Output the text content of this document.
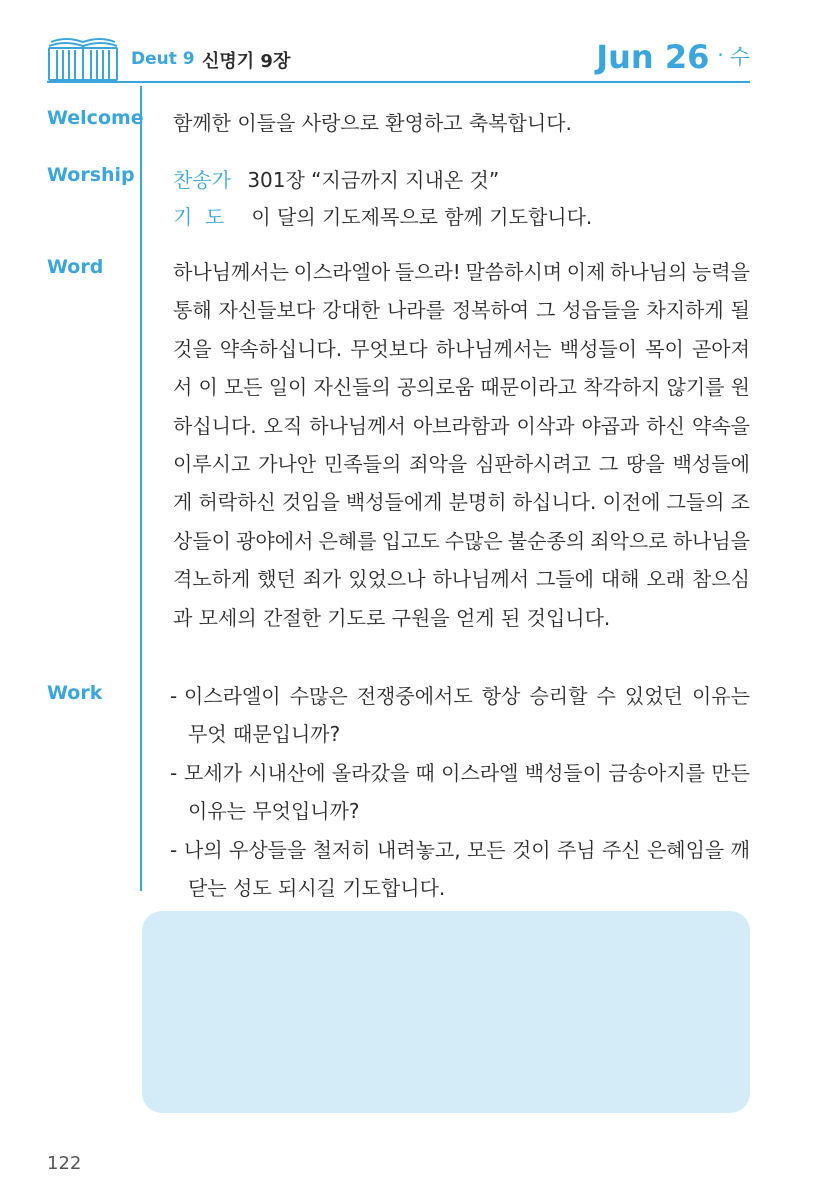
Deut 9 신명기 9장	Jun 26 · 수
Welcome 함께한 이들을 사랑으로 환영하고 축복합니다.
Worship 찬송가 301장 “지금까지 지내온 것”
기  도 이 달의 기도제목으로 함께 기도합니다.
Word	하나님께서는 이스라엘아 들으라! 말씀하시며 이제 하나님의 능력을
통해 자신들보다 강대한 나라를 정복하여 그 성읍들을 차지하게 될
것을 약속하십니다. 무엇보다 하나님께서는 백성들이 목이 곧아져
서 이 모든 일이 자신들의 공의로움 때문이라고 착각하지 않기를 원
하십니다. 오직 하나님께서 아브라함과 이삭과 야곱과 하신 약속을
이루시고 가나안 민족들의 죄악을 심판하시려고 그 땅을 백성들에
게 허락하신 것임을 백성들에게 분명히 하십니다. 이전에 그들의 조
상들이 광야에서 은혜를 입고도 수많은 불순종의 죄악으로 하나님을
격노하게 했던 죄가 있었으나 하나님께서 그들에 대해 오래 참으심
과 모세의 간절한 기도로 구원을 얻게 된 것입니다.
Work	- 이스라엘이 수많은 전쟁중에서도 항상 승리할 수 있었던 이유는
무엇 때문입니까?
- 모세가 시내산에 올라갔을 때 이스라엘 백성들이 금송아지를 만든
이유는 무엇입니까?
- 나의 우상들을 철저히 내려놓고, 모든 것이 주님 주신 은혜임을 깨
닫는 성도 되시길 기도합니다.
122
